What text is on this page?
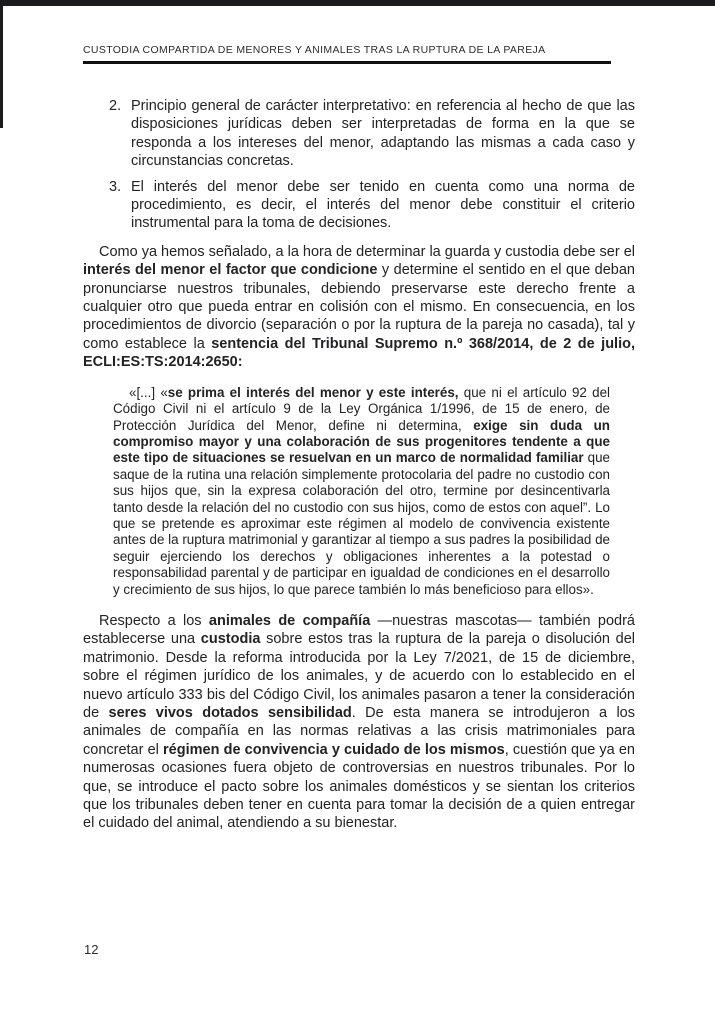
CUSTODIA COMPARTIDA DE MENORES Y ANIMALES TRAS LA RUPTURA DE LA PAREJA
2. Principio general de carácter interpretativo: en referencia al hecho de que las disposiciones jurídicas deben ser interpretadas de forma en la que se responda a los intereses del menor, adaptando las mismas a cada caso y circunstancias concretas.
3. El interés del menor debe ser tenido en cuenta como una norma de procedimiento, es decir, el interés del menor debe constituir el criterio instrumental para la toma de decisiones.

Como ya hemos señalado, a la hora de determinar la guarda y custodia debe ser el interés del menor el factor que condicione y determine el sentido en el que deban pronunciarse nuestros tribunales, debiendo preservarse este derecho frente a cualquier otro que pueda entrar en colisión con el mismo. En consecuencia, en los procedimientos de divorcio (separación o por la ruptura de la pareja no casada), tal y como establece la sentencia del Tribunal Supremo n.º 368/2014, de 2 de julio, ECLI:ES:TS:2014:2650:

«[...] «se prima el interés del menor y este interés, que ni el artículo 92 del Código Civil ni el artículo 9 de la Ley Orgánica 1/1996, de 15 de enero, de Protección Jurídica del Menor, define ni determina, exige sin duda un compromiso mayor y una colaboración de sus progenitores tendente a que este tipo de situaciones se resuelvan en un marco de normalidad familiar que saque de la rutina una relación simplemente protocolaria del padre no custodio con sus hijos que, sin la expresa colaboración del otro, termine por desincentivarla tanto desde la relación del no custodio con sus hijos, como de estos con aquel”. Lo que se pretende es aproximar este régimen al modelo de convivencia existente antes de la ruptura matrimonial y garantizar al tiempo a sus padres la posibilidad de seguir ejerciendo los derechos y obligaciones inherentes a la potestad o responsabilidad parental y de participar en igualdad de condiciones en el desarrollo y crecimiento de sus hijos, lo que parece también lo más beneficioso para ellos».

Respecto a los animales de compañía —nuestras mascotas— también podrá establecerse una custodia sobre estos tras la ruptura de la pareja o disolución del matrimonio. Desde la reforma introducida por la Ley 7/2021, de 15 de diciembre, sobre el régimen jurídico de los animales, y de acuerdo con lo establecido en el nuevo artículo 333 bis del Código Civil, los animales pasaron a tener la consideración de seres vivos dotados sensibilidad. De esta manera se introdujeron a los animales de compañía en las normas relativas a las crisis matrimoniales para concretar el régimen de convivencia y cuidado de los mismos, cuestión que ya en numerosas ocasiones fuera objeto de controversias en nuestros tribunales. Por lo que, se introduce el pacto sobre los animales domésticos y se sientan los criterios que los tribunales deben tener en cuenta para tomar la decisión de a quien entregar el cuidado del animal, atendiendo a su bienestar.

12
